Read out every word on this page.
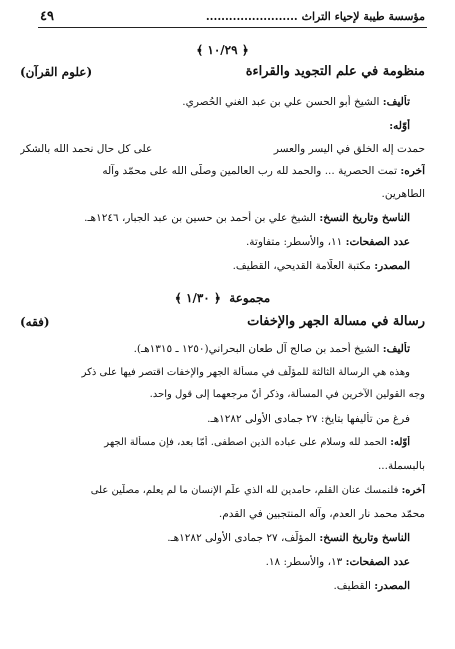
مؤسسة طيبة لإحياء التراث ........................
٤٩
﴿ ١٠/٢٩ ﴾
منظومة في علم التجويد والقراءة
(علوم القرآن)
تأليف: الشيخ أبو الحسن علي بن عبد الغني الحُصري.
أوّله:
حمدت إله الخلق في اليسر والعسر
على كل حال نحمد الله بالشكر
آخره: تمت الحصرية ... والحمد لله رب العالمين وصلّى الله على محمّد وآله
الطاهرين.
الناسخ وتاريخ النسخ: الشيخ علي بن أحمد بن حسين بن عبد الجبار، ١٢٤٦هـ.
عدد الصفحات: ١١، والأسطر: متفاوتة.
المصدر: مكتبة العلّامة القديحي، القطيف.
مجموعة  ﴿ ١/٣٠ ﴾
رسالة في مسألة الجهر والإخفات
(فقه)
تأليف: الشيخ أحمد بن صالح آل طعان البحراني(١٢٥٠ ـ ١٣١٥هـ).
وهذه هي الرسالة الثالثة للمؤلّف في مسألة الجهر والإخفات اقتصر فيها على ذكر
وجه القولين الآخرين في المسألة، وذكر أنّ مرجعهما إلى قول واحد.
فرغ من تأليفها بتايخ: ٢٧ جمادى الأُولى ١٢٨٢هـ.
أوّله: الحمد لله وسلام على عباده الذين اصطفى. أمّا بعد، فإن مسألة الجهر
بالبسملة...
آخره: فلنمسك عنان القلم، حامدين لله الذي علّم الإنسان ما لم يعلم، مصلّين على
محمّد محمد نار العدم، وآله المنتجبين في القدم.
الناسخ وتاريخ النسخ: المؤلّف، ٢٧ جمادى الأُولى ١٢٨٢هـ.
عدد الصفحات: ١٣، والأسطر: ١٨.
المصدر: القطيف.
